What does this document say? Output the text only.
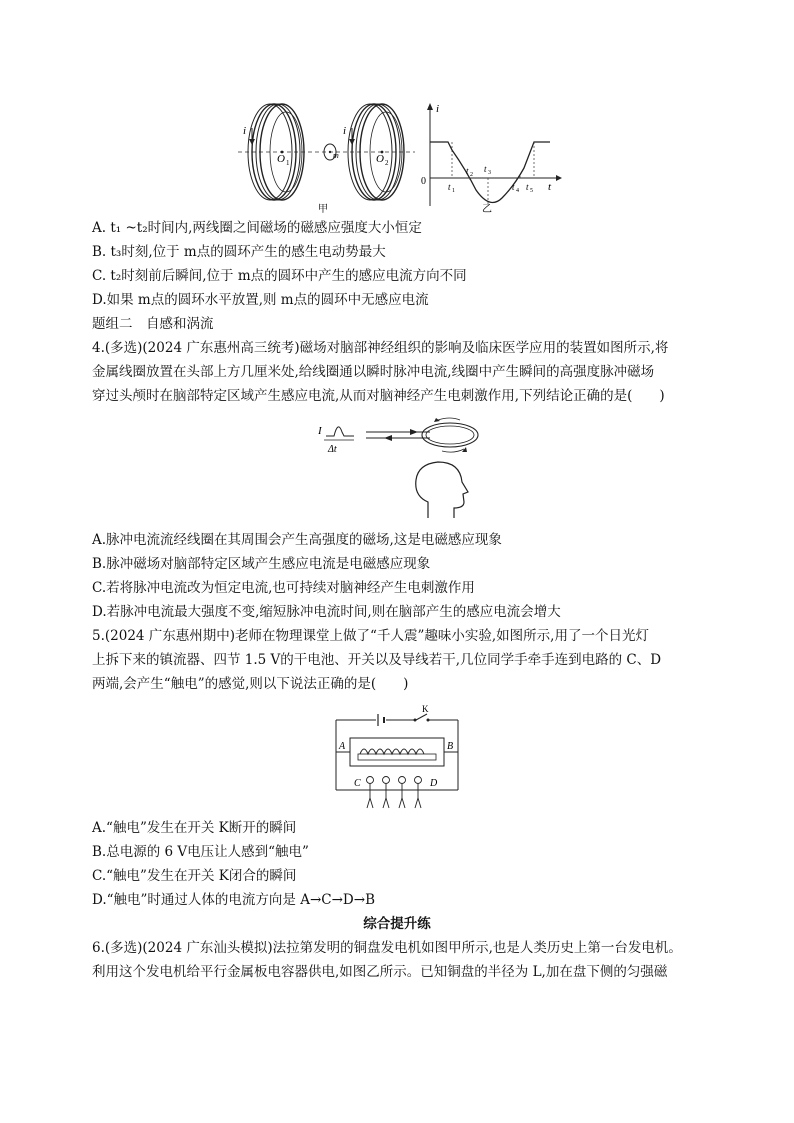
i
O 1
m
i
O 2
甲
i
t
0 t 1
t 2
t 3
t 4 t 5
乙
A. t₁ ~t₂时间内,两线圈之间磁场的磁感应强度大小恒定
B. t₃时刻,位于 m点的圆环产生的感生电动势最大
C. t₂时刻前后瞬间,位于 m点的圆环中产生的感应电流方向不同
D.如果 m点的圆环水平放置,则 m点的圆环中无感应电流
题组二　自感和涡流
4.(多选)(2024 广东惠州高三统考)磁场对脑部神经组织的影响及临床医学应用的装置如图所示,将
金属线圈放置在头部上方几厘米处,给线圈通以瞬时脉冲电流,线圈中产生瞬间的高强度脉冲磁场
穿过头颅时在脑部特定区域产生感应电流,从而对脑神经产生电刺激作用,下列结论正确的是(　　)
I
Δt
A.脉冲电流流经线圈在其周围会产生高强度的磁场,这是电磁感应现象
B.脉冲磁场对脑部特定区域产生感应电流是电磁感应现象
C.若将脉冲电流改为恒定电流,也可持续对脑神经产生电刺激作用
D.若脉冲电流最大强度不变,缩短脉冲电流时间,则在脑部产生的感应电流会增大
5.(2024 广东惠州期中)老师在物理课堂上做了“千人震”趣味小实验,如图所示,用了一个日光灯
上拆下来的镇流器、四节 1.5 V的干电池、开关以及导线若干,几位同学手牵手连到电路的 C、D
两端,会产生“触电”的感觉,则以下说法正确的是(　　)
K
A	B
C	D
A.“触电”发生在开关 K断开的瞬间
B.总电源的 6 V电压让人感到“触电”
C.“触电”发生在开关 K闭合的瞬间
D.“触电”时通过人体的电流方向是 A→C→D→B
综合提升练
6.(多选)(2024 广东汕头模拟)法拉第发明的铜盘发电机如图甲所示,也是人类历史上第一台发电机。
利用这个发电机给平行金属板电容器供电,如图乙所示。已知铜盘的半径为 L,加在盘下侧的匀强磁
